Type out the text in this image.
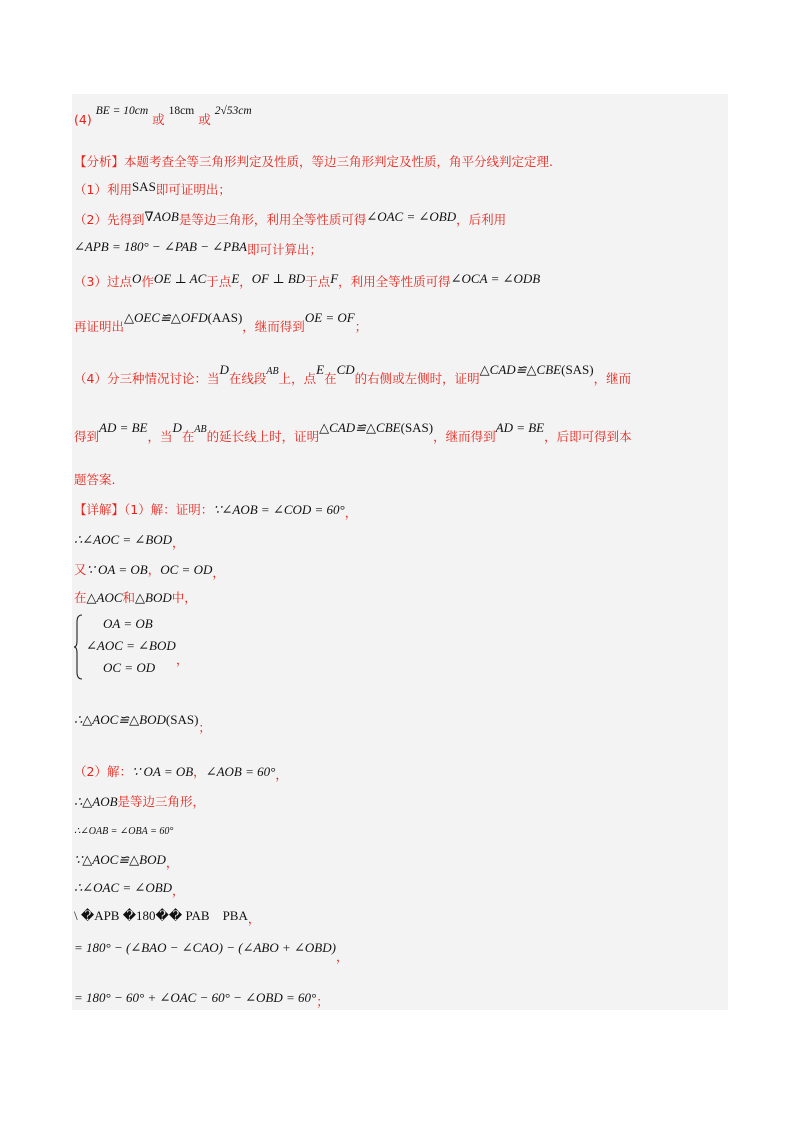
(4) BE = 10cm 或 18cm 或 2√53cm
【分析】本题考查全等三角形判定及性质，等边三角形判定及性质，角平分线判定定理.
（1）利用SAS即可证明出；
（2）先得到∇AOB是等边三角形，利用全等性质可得∠OAC = ∠OBD，后利用
∠APB = 180° − ∠PAB − ∠PBA即可计算出；
（3）过点O作OE ⊥ AC于点E，OF ⊥ BD于点F，利用全等性质可得∠OCA = ∠ODB
再证明出△OEC≌△OFD(AAS)，继而得到OE = OF；
（4）分三种情况讨论：当D在线段AB上，点E在CD的右侧或左侧时，证明△CAD≌△CBE(SAS)，继而
得到AD = BE，当D在AB的延长线上时，证明△CAD≌△CBE(SAS)，继而得到AD = BE，后即可得到本
题答案.
【详解】（1）解：证明：∵∠AOB = ∠COD = 60°，
∴∠AOC = ∠BOD，
又∵ OA = OB，OC = OD，
在△AOC和△BOD中，
OA = OB
∠AOC = ∠BOD
OC = OD
，
∴△AOC≌△BOD(SAS)；
（2）解：∵ OA = OB，∠AOB = 60°，
∴△AOB是等边三角形，
∴∠OAB = ∠OBA = 60°
∵△AOC≌△BOD，
∴∠OAC = ∠OBD，
\ �APB �180�� PAB    PBA，
= 180° − (∠BAO − ∠CAO) − (∠ABO + ∠OBD)，
= 180° − 60° + ∠OAC − 60° − ∠OBD = 60°；
